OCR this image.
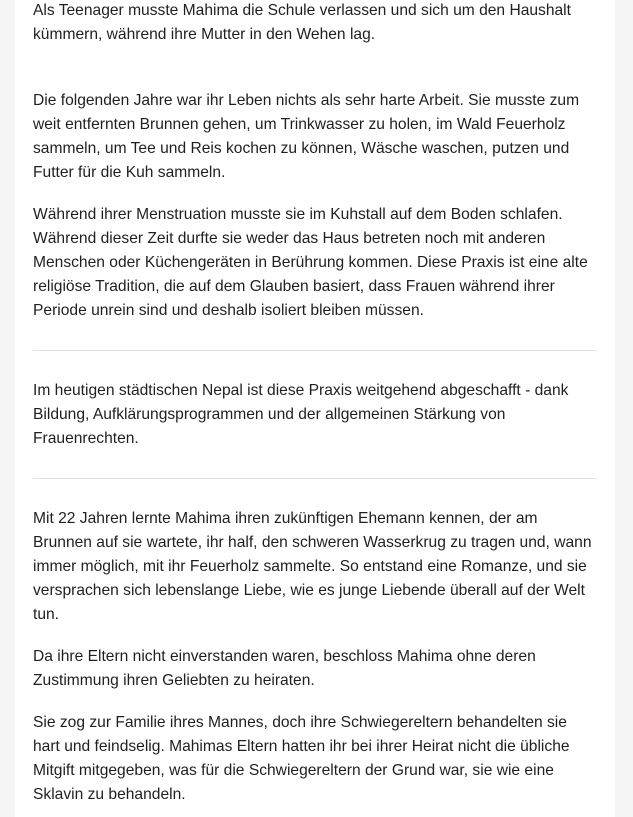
Als Teenager musste Mahima die Schule verlassen und sich um den Haushalt kümmern, während ihre Mutter in den Wehen lag.

Die folgenden Jahre war ihr Leben nichts als sehr harte Arbeit. Sie musste zum weit entfernten Brunnen gehen, um Trinkwasser zu holen, im Wald Feuerholz sammeln, um Tee und Reis kochen zu können, Wäsche waschen, putzen und Futter für die Kuh sammeln.

Während ihrer Menstruation musste sie im Kuhstall auf dem Boden schlafen. Während dieser Zeit durfte sie weder das Haus betreten noch mit anderen Menschen oder Küchengeräten in Berührung kommen. Diese Praxis ist eine alte religiöse Tradition, die auf dem Glauben basiert, dass Frauen während ihrer Periode unrein sind und deshalb isoliert bleiben müssen.

Im heutigen städtischen Nepal ist diese Praxis weitgehend abgeschafft - dank Bildung, Aufklärungsprogrammen und der allgemeinen Stärkung von Frauenrechten.

Mit 22 Jahren lernte Mahima ihren zukünftigen Ehemann kennen, der am Brunnen auf sie wartete, ihr half, den schweren Wasserkrug zu tragen und, wann immer möglich, mit ihr Feuerholz sammelte. So entstand eine Romanze, und sie versprachen sich lebenslange Liebe, wie es junge Liebende überall auf der Welt tun.

Da ihre Eltern nicht einverstanden waren, beschloss Mahima ohne deren Zustimmung ihren Geliebten zu heiraten.

Sie zog zur Familie ihres Mannes, doch ihre Schwiegereltern behandelten sie hart und feindselig. Mahimas Eltern hatten ihr bei ihrer Heirat nicht die übliche Mitgift mitgegeben, was für die Schwiegereltern der Grund war, sie wie eine Sklavin zu behandeln.
